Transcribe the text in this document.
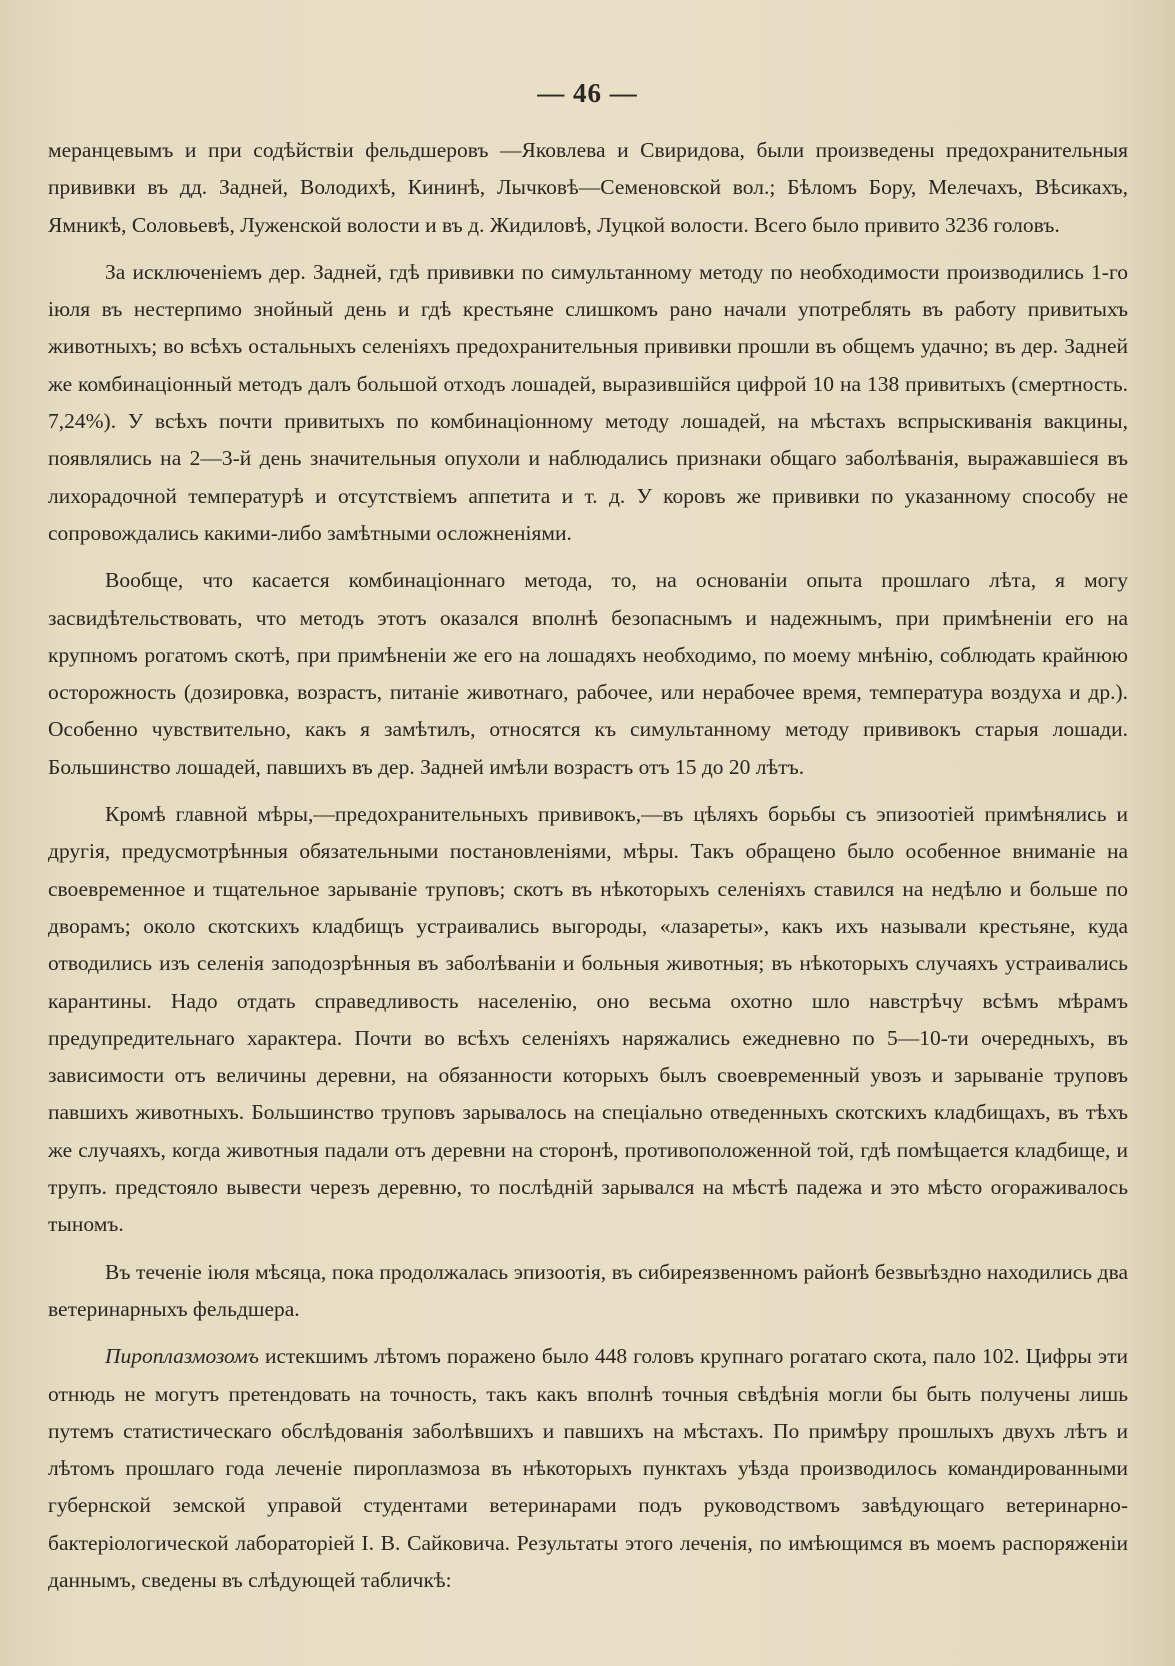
— 46 —

меранцевымъ и при содѣйствіи фельдшеровъ —Яковлева и Свиридова, были произведены предохранительныя прививки въ дд. Задней, Володихѣ, Кининѣ, Лычковѣ—Семеновской вол.; Бѣломъ Бору, Мелечахъ, Вѣсикахъ, Ямникѣ, Соловьевѣ, Луженской волости и въ д. Жидиловѣ, Луцкой волости. Всего было привито 3236 головъ.

За исключеніемъ дер. Задней, гдѣ прививки по симультанному методу по необходимости производились 1-го іюля въ нестерпимо знойный день и гдѣ крестьяне слишкомъ рано начали употреблять въ работу привитыхъ животныхъ; во всѣхъ остальныхъ селеніяхъ предохранительныя прививки прошли въ общемъ удачно; въ дер. Задней же комбинаціонный методъ далъ большой отходъ лошадей, выразившійся цифрой 10 на 138 привитыхъ (смертность. 7,24%). У всѣхъ почти привитыхъ по комбинаціонному методу лошадей, на мѣстахъ вспрыскиванія вакцины, появлялись на 2—3-й день значительныя опухоли и наблюдались признаки общаго заболѣванія, выражавшіеся въ лихорадочной температурѣ и отсутствіемъ аппетита и т. д. У коровъ же прививки по указанному способу не сопровождались какими-либо замѣтными осложненіями.

Вообще, что касается комбинаціоннаго метода, то, на основаніи опыта прошлаго лѣта, я могу засвидѣтельствовать, что методъ этотъ оказался вполнѣ безопаснымъ и надежнымъ, при примѣненіи его на крупномъ рогатомъ скотѣ, при примѣненіи же его на лошадяхъ необходимо, по моему мнѣнію, соблюдать крайнюю осторожность (дозировка, возрастъ, питаніе животнаго, рабочее, или нерабочее время, температура воздуха и др.). Особенно чувствительно, какъ я замѣтилъ, относятся къ симультанному методу прививокъ старыя лошади. Большинство лошадей, павшихъ въ дер. Задней имѣли возрастъ отъ 15 до 20 лѣтъ.

Кромѣ главной мѣры,—предохранительныхъ прививокъ,—въ цѣляхъ борьбы съ эпизоотіей примѣнялись и другія, предусмотрѣнныя обязательными постановленіями, мѣры. Такъ обращено было особенное вниманіе на своевременное и тщательное зарываніе труповъ; скотъ въ нѣкоторыхъ селеніяхъ ставился на недѣлю и больше по дворамъ; около скотскихъ кладбищъ устраивались выгороды, «лазареты», какъ ихъ называли крестьяне, куда отводились изъ селенія заподозрѣнныя въ заболѣваніи и больныя животныя; въ нѣкоторыхъ случаяхъ устраивались карантины. Надо отдать справедливость населенію, оно весьма охотно шло навстрѣчу всѣмъ мѣрамъ предупредительнаго характера. Почти во всѣхъ селеніяхъ наряжались ежедневно по 5—10-ти очередныхъ, въ зависимости отъ величины деревни, на обязанности которыхъ былъ своевременный увозъ и зарываніе труповъ павшихъ животныхъ. Большинство труповъ зарывалось на спеціально отведенныхъ скотскихъ кладбищахъ, въ тѣхъ же случаяхъ, когда животныя падали отъ деревни на сторонѣ, противоположенной той, гдѣ помѣщается кладбище, и трупъ. предстояло вывести черезъ деревню, то послѣдній зарывался на мѣстѣ падежа и это мѣсто огораживалось тыномъ.

Въ теченіе іюля мѣсяца, пока продолжалась эпизоотія, въ сибиреязвенномъ районѣ безвыѣздно находились два ветеринарныхъ фельдшера.

Пироплазмозомъ истекшимъ лѣтомъ поражено было 448 головъ крупнаго рогатаго скота, пало 102. Цифры эти отнюдь не могутъ претендовать на точность, такъ какъ вполнѣ точныя свѣдѣнія могли бы быть получены лишь путемъ статистическаго обслѣдованія заболѣвшихъ и павшихъ на мѣстахъ. По примѣру прошлыхъ двухъ лѣтъ и лѣтомъ прошлаго года леченіе пироплазмоза въ нѣкоторыхъ пунктахъ уѣзда производилось командированными губернской земской управой студентами ветеринарами подъ руководствомъ завѣдующаго ветеринарно-бактеріологической лабораторіей І. В. Сайковича. Результаты этого леченія, по имѣющимся въ моемъ распоряженіи даннымъ, сведены въ слѣдующей табличкѣ:
